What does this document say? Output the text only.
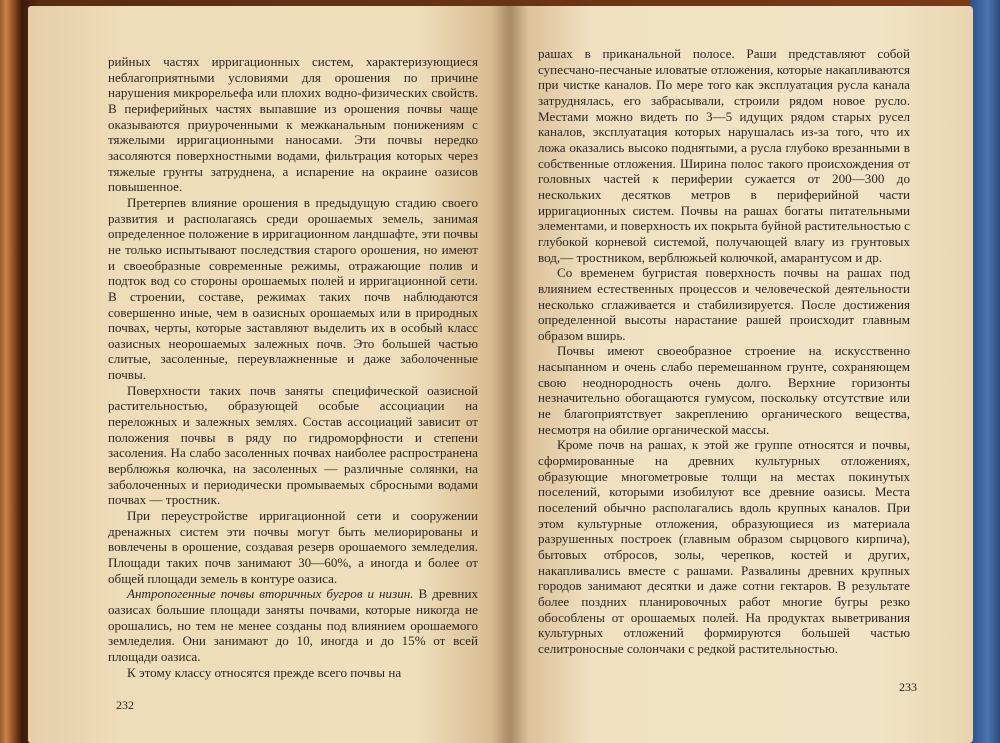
рийных частях ирригационных систем, характеризующиеся неблагоприятными условиями для орошения по причине нарушения микрорельефа или плохих водно-физических свойств. В периферийных частях выпавшие из орошения почвы чаще оказываются приуроченными к межканальным понижениям с тяжелыми ирригационными наносами. Эти почвы нередко засоляются поверхностными водами, фильтрация которых через тяжелые грунты затруднена, а испарение на окраине оазисов повышенное.

Претерпев влияние орошения в предыдущую стадию своего развития и располагаясь среди орошаемых земель, занимая определенное положение в ирригационном ландшафте, эти почвы не только испытывают последствия старого орошения, но имеют и своеобразные современные режимы, отражающие полив и подток вод со стороны орошаемых полей и ирригационной сети. В строении, составе, режимах таких почв наблюдаются совершенно иные, чем в оазисных орошаемых или в природных почвах, черты, которые заставляют выделить их в особый класс оазисных неорошаемых залежных почв. Это большей частью слитые, засоленные, переувлажненные и даже заболоченные почвы.

Поверхности таких почв заняты специфической оазисной растительностью, образующей особые ассоциации на переложных и залежных землях. Состав ассоциаций зависит от положения почвы в ряду по гидроморфности и степени засоления. На слабо засоленных почвах наиболее распространена верблюжья колючка, на засоленных — различные солянки, на заболоченных и периодически промываемых сбросными водами почвах — тростник.

При переустройстве ирригационной сети и сооружении дренажных систем эти почвы могут быть мелиорированы и вовлечены в орошение, создавая резерв орошаемого земледелия. Площади таких почв занимают 30—60%, а иногда и более от общей площади земель в контуре оазиса.

Антропогенные почвы вторичных бугров и низин. В древних оазисах большие площади заняты почвами, которые никогда не орошались, но тем не менее созданы под влиянием орошаемого земледелия. Они занимают до 10, иногда и до 15% от всей площади оазиса.

К этому классу относятся прежде всего почвы на

232

рашах в приканальной полосе. Раши представляют собой супесчано-песчаные иловатые отложения, которые накапливаются при чистке каналов. По мере того как эксплуатация русла канала затруднялась, его забрасывали, строили рядом новое русло. Местами можно видеть по 3—5 идущих рядом старых русел каналов, эксплуатация которых нарушалась из-за того, что их ложа оказались высоко поднятыми, а русла глубоко врезанными в собственные отложения. Ширина полос такого происхождения от головных частей к периферии сужается от 200—300 до нескольких десятков метров в периферийной части ирригационных систем. Почвы на рашах богаты питательными элементами, и поверхность их покрыта буйной растительностью с глубокой корневой системой, получающей влагу из грунтовых вод,— тростником, верблюжьей колючкой, амарантусом и др.

Со временем бугристая поверхность почвы на рашах под влиянием естественных процессов и человеческой деятельности несколько сглаживается и стабилизируется. После достижения определенной высоты нарастание рашей происходит главным образом вширь.

Почвы имеют своеобразное строение на искусственно насыпанном и очень слабо перемешанном грунте, сохраняющем свою неоднородность очень долго. Верхние горизонты незначительно обогащаются гумусом, поскольку отсутствие или не благоприятствует закреплению органического вещества, несмотря на обилие органической массы.

Кроме почв на рашах, к этой же группе относятся и почвы, сформированные на древних культурных отложениях, образующие многометровые толщи на местах покинутых поселений, которыми изобилуют все древние оазисы. Места поселений обычно располагались вдоль крупных каналов. При этом культурные отложения, образующиеся из материала разрушенных построек (главным образом сырцового кирпича), бытовых отбросов, золы, черепков, костей и других, накапливались вместе с рашами. Развалины древних крупных городов занимают десятки и даже сотни гектаров. В результате более поздних планировочных работ многие бугры резко обособлены от орошаемых полей. На продуктах выветривания культурных отложений формируются большей частью селитроносные солончаки с редкой растительностью.

233
